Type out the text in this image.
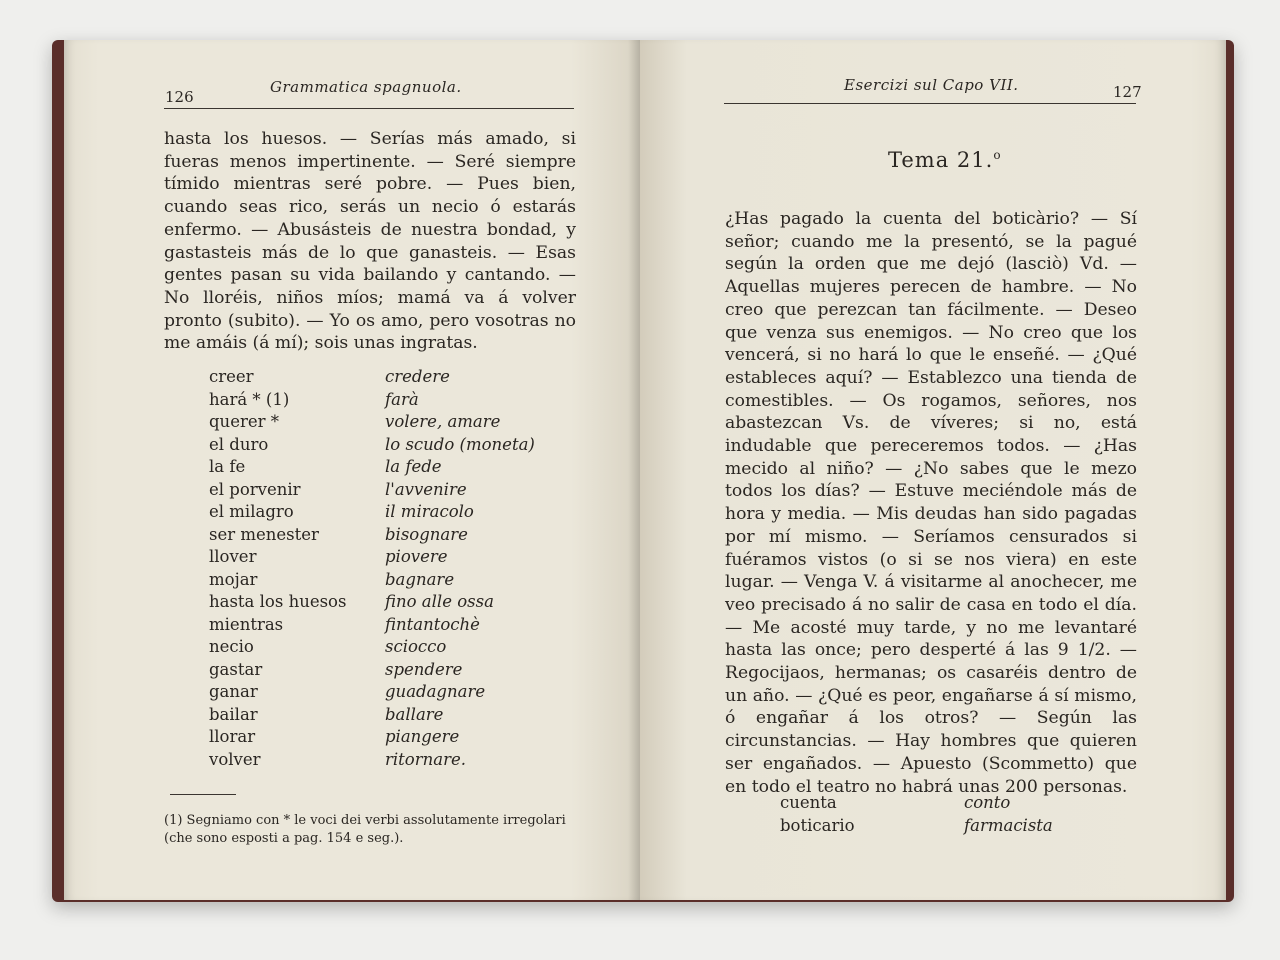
126
Grammatica spagnuola.

hasta los huesos. — Serías más amado, si fueras menos impertinente. — Seré siempre tímido mientras seré pobre. — Pues bien, cuando seas rico, serás un necio ó estarás enfermo. — Abusásteis de nuestra bondad, y gastasteis más de lo que ganasteis. — Esas gentes pasan su vida bailando y cantando. — No lloréis, niños míos; mamá va á volver pronto (subito). — Yo os amo, pero vosotras no me amáis (á mí); sois unas ingratas.

creer	credere
hará * (1)	farà
querer *	volere, amare
el duro	lo scudo (moneta)
la fe	la fede
el porvenir	l'avvenire
el milagro	il miracolo
ser menester	bisognare
llover	piovere
mojar	bagnare
hasta los huesos	fino alle ossa
mientras	fintantochè
necio	sciocco
gastar	spendere
ganar	guadagnare
bailar	ballare
llorar	piangere
volver	ritornare.
(1) Segniamo con * le voci dei verbi assolutamente irregolari (che sono esposti a pag. 154 e seg.).
Esercizi sul Capo VII.	127
Tema 21.$^o$

¿Has pagado la cuenta del boticàrio? — Sí señor; cuando me la presentó, se la pagué según la orden que me dejó (lasciò) Vd. — Aquellas mujeres perecen de hambre. — No creo que perezcan tan fácilmente. — Deseo que venza sus enemigos. — No creo que los vencerá, si no hará lo que le enseñé. — ¿Qué estableces aquí? — Establezco una tienda de comestibles. — Os rogamos, señores, nos abastezcan Vs. de víveres; si no, está indudable que pereceremos todos. — ¿Has mecido al niño? — ¿No sabes que le mezo todos los días? — Estuve meciéndole más de hora y media. — Mis deudas han sido pagadas por mí mismo. — Seríamos censurados si fuéramos vistos (o si se nos viera) en este lugar. — Venga V. á visitarme al anochecer, me veo precisado á no salir de casa en todo el día. — Me acosté muy tarde, y no me levantaré hasta las once; pero desperté á las 9 1/2. — Regocijaos, hermanas; os casaréis dentro de un año. — ¿Qué es peor, engañarse á sí mismo, ó engañar á los otros? — Según las circunstancias. — Hay hombres que quieren ser engañados. — Apuesto (Scommetto) que en todo el teatro no habrá unas 200 personas.

cuenta	conto
boticario	farmacista
